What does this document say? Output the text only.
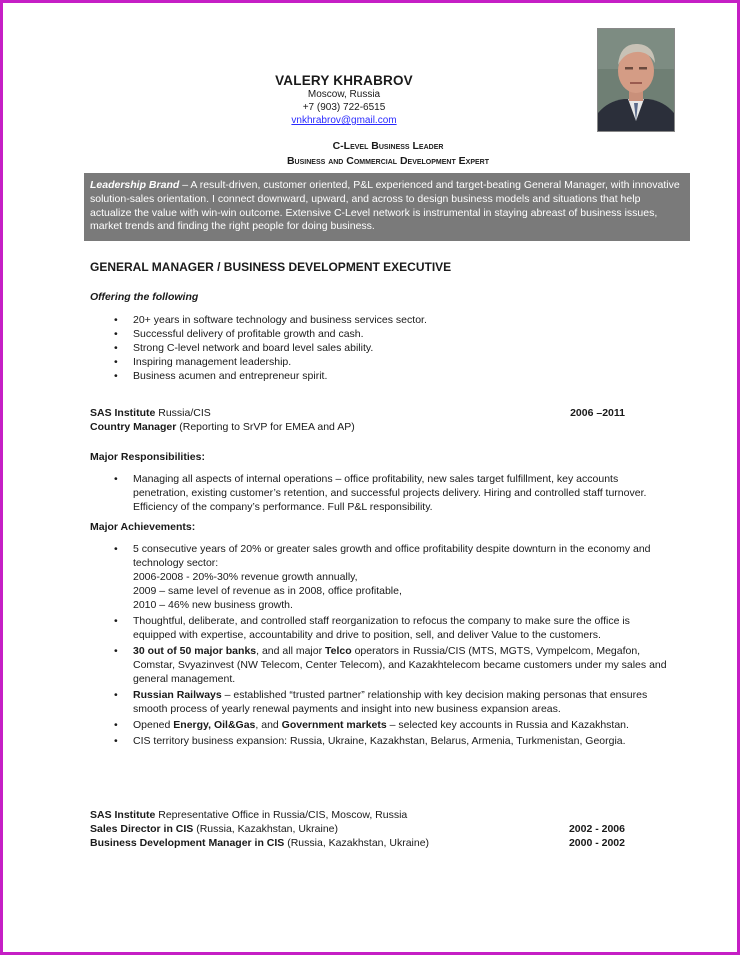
VALERY KHRABROV
Moscow, Russia
+7 (903) 722-6515
vnkhrabrov@gmail.com
C-Level Business Leader
Business and Commercial Development Expert
Leadership Brand – A result-driven, customer oriented, P&L experienced and target-beating General Manager, with innovative solution-sales orientation. I connect downward, upward, and across to design business models and situations that help actualize the value with win-win outcome. Extensive C-Level network is instrumental in staying abreast of business issues, market trends and finding the right people for doing business.
GENERAL MANAGER / BUSINESS DEVELOPMENT EXECUTIVE
Offering the following
• 20+ years in software technology and business services sector.
• Successful delivery of profitable growth and cash.
• Strong C-level network and board level sales ability.
• Inspiring management leadership.
• Business acumen and entrepreneur spirit.
SAS Institute Russia/CIS
Country Manager (Reporting to SrVP for EMEA and AP)
2006 –2011
Major Responsibilities:
• Managing all aspects of internal operations – office profitability, new sales target fulfillment, key accounts penetration, existing customer’s retention, and successful projects delivery. Hiring and controlled staff turnover. Efficiency of the company’s performance. Full P&L responsibility.
Major Achievements:
• 5 consecutive years of 20% or greater sales growth and office profitability despite downturn in the economy and technology sector:
2006-2008 - 20%-30% revenue growth annually,
2009 – same level of revenue as in 2008, office profitable,
2010 – 46% new business growth.
• Thoughtful, deliberate, and controlled staff reorganization to refocus the company to make sure the office is equipped with expertise, accountability and drive to position, sell, and deliver Value to the customers.
• 30 out of 50 major banks, and all major Telco operators in Russia/CIS (MTS, MGTS, Vympelcom, Megafon, Comstar, Svyazinvest (NW Telecom, Center Telecom), and Kazakhtelecom became customers under my sales and general management.
• Russian Railways – established “trusted partner” relationship with key decision making personas that ensures smooth process of yearly renewal payments and insight into new business expansion areas.
• Opened Energy, Oil&Gas, and Government markets – selected key accounts in Russia and Kazakhstan.
• CIS territory business expansion: Russia, Ukraine, Kazakhstan, Belarus, Armenia, Turkmenistan, Georgia.
SAS Institute Representative Office in Russia/CIS, Moscow, Russia
Sales Director in CIS (Russia, Kazakhstan, Ukraine)	2002 - 2006
Business Development Manager in CIS (Russia, Kazakhstan, Ukraine)	2000 - 2002
